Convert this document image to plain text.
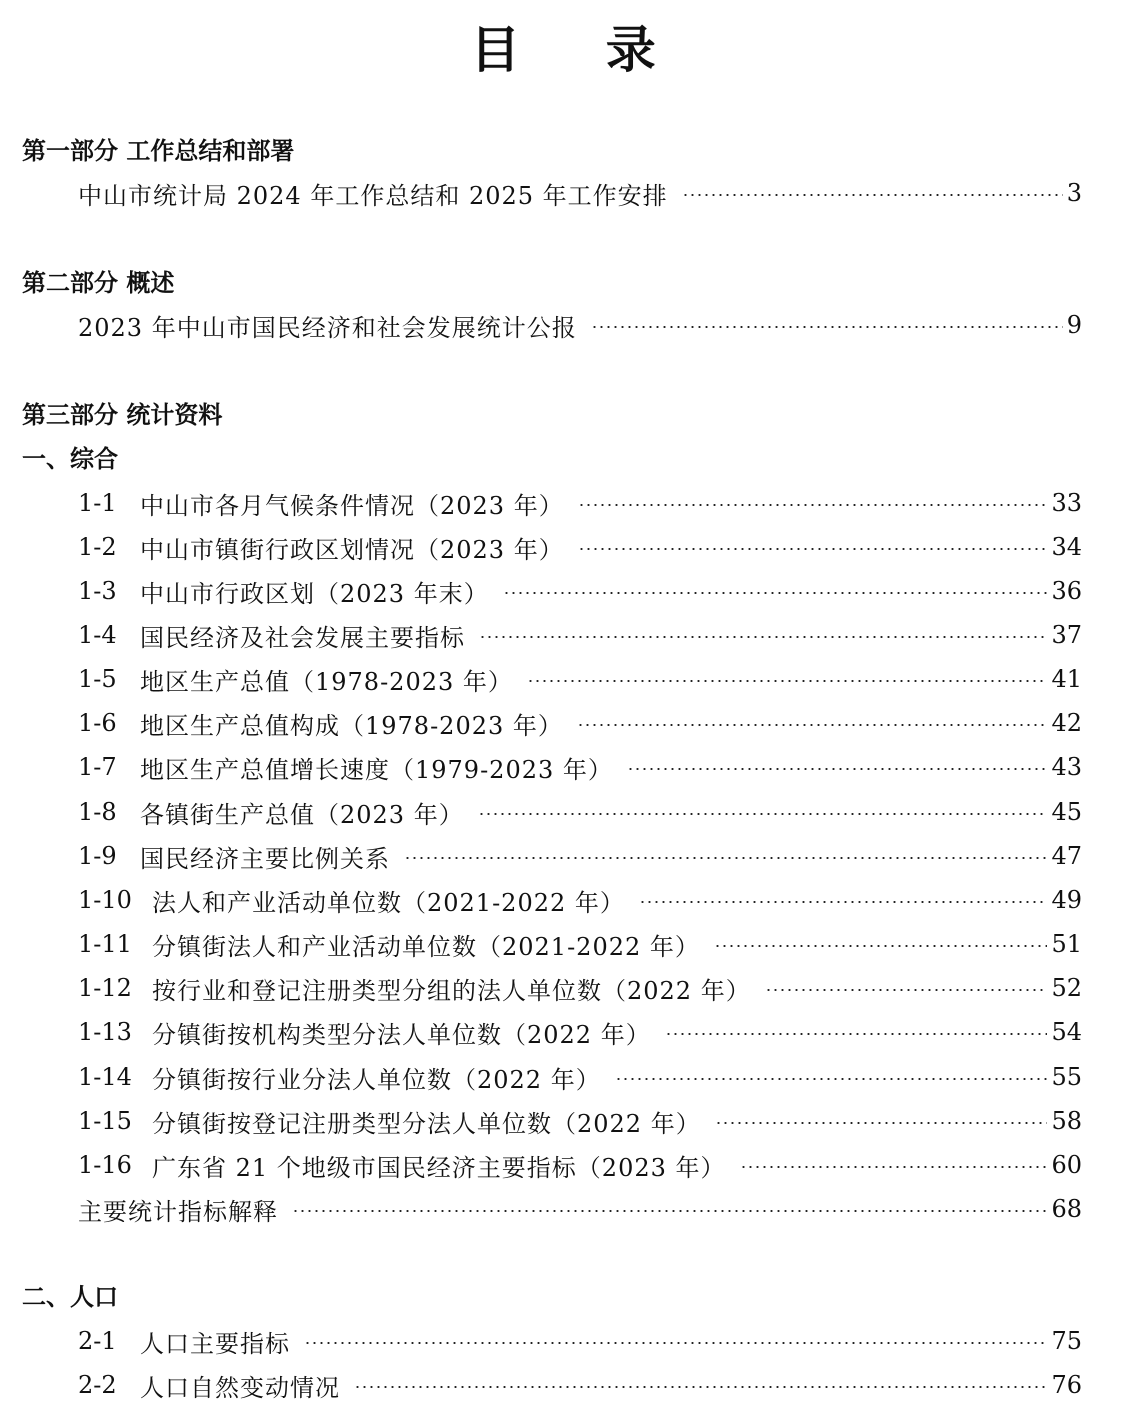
目 录
第一部分 工作总结和部署
中山市统计局 2024 年工作总结和 2025 年工作安排	3
第二部分 概述
2023 年中山市国民经济和社会发展统计公报	9
第三部分 统计资料
一、综合
1-1 中山市各月气候条件情况（2023 年）	33
1-2 中山市镇街行政区划情况（2023 年）	34
1-3 中山市行政区划（2023 年末）	36
1-4 国民经济及社会发展主要指标	37
1-5 地区生产总值（1978-2023 年）	41
1-6 地区生产总值构成（1978-2023 年）	42
1-7 地区生产总值增长速度（1979-2023 年）	43
1-8 各镇街生产总值（2023 年）	45
1-9 国民经济主要比例关系	47
1-10 法人和产业活动单位数（2021-2022 年）	49
1-11 分镇街法人和产业活动单位数（2021-2022 年）	51
1-12 按行业和登记注册类型分组的法人单位数（2022 年）	52
1-13 分镇街按机构类型分法人单位数（2022 年）	54
1-14 分镇街按行业分法人单位数（2022 年）	55
1-15 分镇街按登记注册类型分法人单位数（2022 年）	58
1-16 广东省 21 个地级市国民经济主要指标（2023 年）	60
主要统计指标解释	68
二、人口
2-1 人口主要指标	75
2-2 人口自然变动情况	76
